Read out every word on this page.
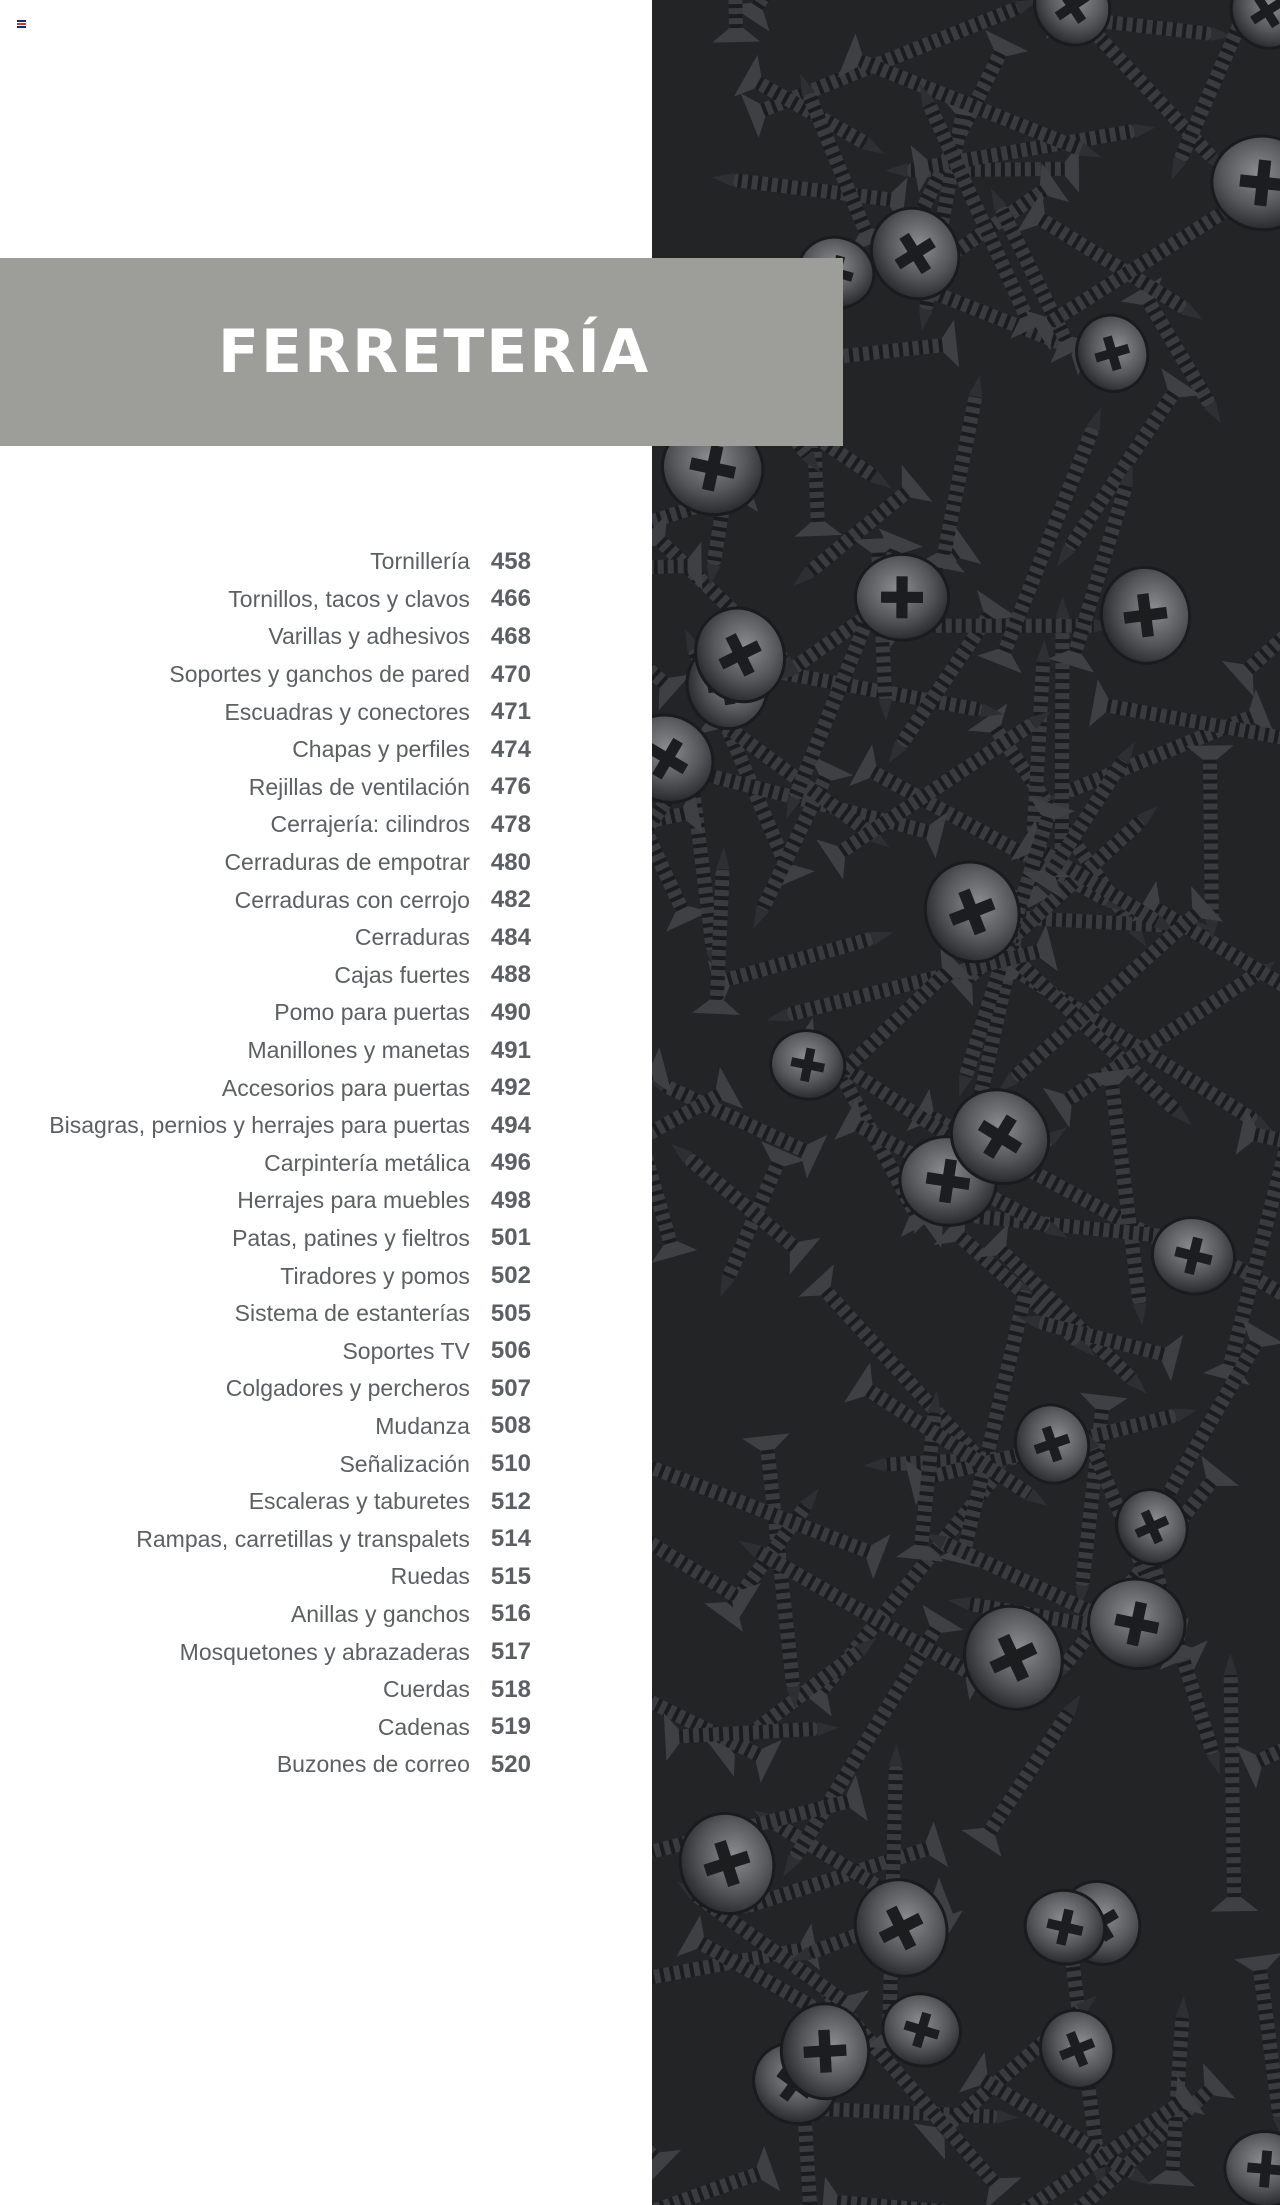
FERRETERÍA
Tornillería 458
Tornillos, tacos y clavos 466
Varillas y adhesivos 468
Soportes y ganchos de pared 470
Escuadras y conectores 471
Chapas y perfiles 474
Rejillas de ventilación 476
Cerrajería: cilindros 478
Cerraduras de empotrar 480
Cerraduras con cerrojo 482
Cerraduras 484
Cajas fuertes 488
Pomo para puertas 490
Manillones y manetas 491
Accesorios para puertas 492
Bisagras, pernios y herrajes para puertas 494
Carpintería metálica 496
Herrajes para muebles 498
Patas, patines y fieltros 501
Tiradores y pomos 502
Sistema de estanterías 505
Soportes TV 506
Colgadores y percheros 507
Mudanza 508
Señalización 510
Escaleras y taburetes 512
Rampas, carretillas y transpalets 514
Ruedas 515
Anillas y ganchos 516
Mosquetones y abrazaderas 517
Cuerdas 518
Cadenas 519
Buzones de correo 520
